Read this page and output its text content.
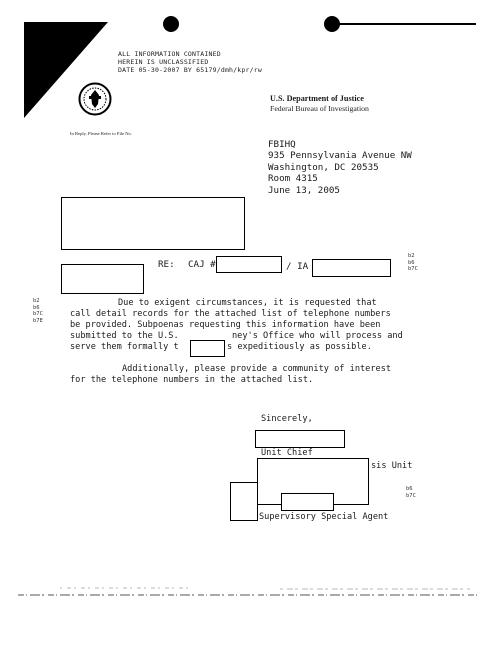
ALL INFORMATION CONTAINED
HEREIN IS UNCLASSIFIED
DATE 05-30-2007 BY 65179/dmh/kpr/rw
U.S. Department of Justice
Federal Bureau of Investigation
In Reply, Please Refer to File No.
FBIHQ
935 Pennsylvania Avenue NW
Washington, DC 20535
Room 4315
June 13, 2005
RE: CAJ #	/ IA
b2
b6
b7C
b2
b6
b7C
b7E
Due to exigent circumstances, it is requested that
call detail records for the attached list of telephone numbers
be provided. Subpoenas requesting this information have been
submitted to the U.S.	ney's Office who will process and
serve them formally t	s expeditiously as possible.
Additionally, please provide a community of interest
for the telephone numbers in the attached list.
Sincerely,
Unit Chief
sis Unit
Supervisory Special Agent
b6
b7C
